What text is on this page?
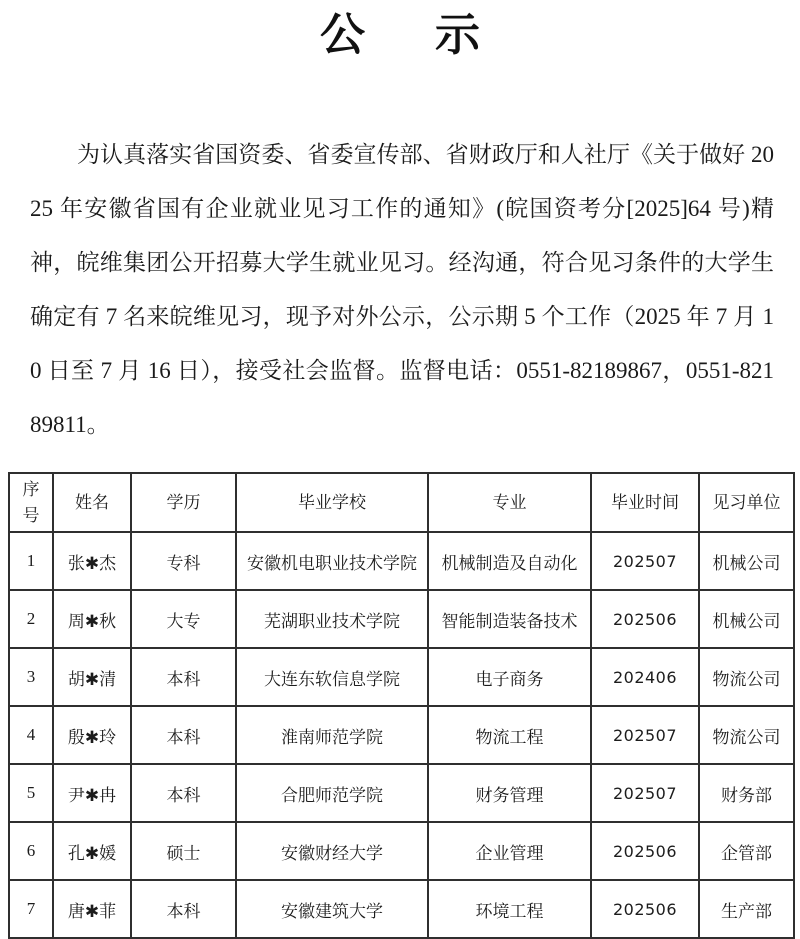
公 示

为认真落实省国资委、省委宣传部、省财政厅和人社厅《关于做好 2025 年安徽省国有企业就业见习工作的通知》(皖国资考分[2025]64 号)精神，皖维集团公开招募大学生就业见习。经沟通，符合见习条件的大学生确定有 7 名来皖维见习，现予对外公示，公示期 5 个工作（2025 年 7 月 10 日至 7 月 16 日），接受社会监督。监督电话：0551-82189867，0551-82189811。

序号	姓名	学历	毕业学校	专业	毕业时间	见习单位
1	张✱杰	专科	安徽机电职业技术学院	机械制造及自动化	202507	机械公司
2	周✱秋	大专	芜湖职业技术学院	智能制造装备技术	202506	机械公司
3	胡✱清	本科	大连东软信息学院	电子商务	202406	物流公司
4	殷✱玲	本科	淮南师范学院	物流工程	202507	物流公司
5	尹✱冉	本科	合肥师范学院	财务管理	202507	财务部
6	孔✱媛	硕士	安徽财经大学	企业管理	202506	企管部
7	唐✱菲	本科	安徽建筑大学	环境工程	202506	生产部
